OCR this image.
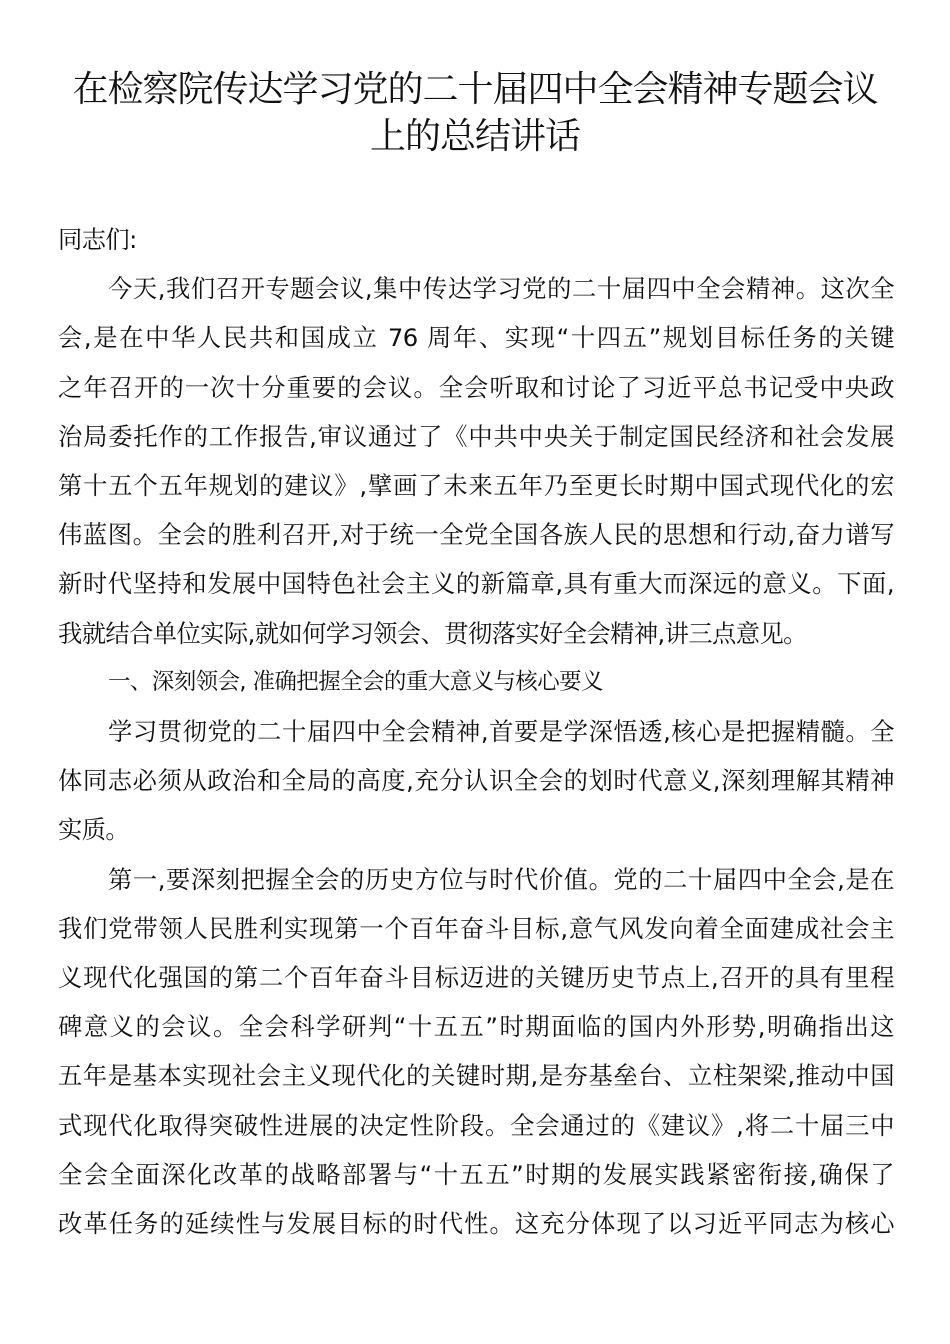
在检察院传达学习党的二十届四中全会精神专题会议
上的总结讲话

同志们:

今天,我们召开专题会议,集中传达学习党的二十届四中全会精神。这次全
会,是在中华人民共和国成立 76 周年、实现“十四五”规划目标任务的关键
之年召开的一次十分重要的会议。全会听取和讨论了习近平总书记受中央政
治局委托作的工作报告,审议通过了《中共中央关于制定国民经济和社会发展
第十五个五年规划的建议》,擘画了未来五年乃至更长时期中国式现代化的宏
伟蓝图。全会的胜利召开,对于统一全党全国各族人民的思想和行动,奋力谱写
新时代坚持和发展中国特色社会主义的新篇章,具有重大而深远的意义。下面,
我就结合单位实际,就如何学习领会、贯彻落实好全会精神,讲三点意见。

一、深刻领会, 准确把握全会的重大意义与核心要义

学习贯彻党的二十届四中全会精神,首要是学深悟透,核心是把握精髓。全
体同志必须从政治和全局的高度,充分认识全会的划时代意义,深刻理解其精神
实质。

第一,要深刻把握全会的历史方位与时代价值。党的二十届四中全会,是在
我们党带领人民胜利实现第一个百年奋斗目标,意气风发向着全面建成社会主
义现代化强国的第二个百年奋斗目标迈进的关键历史节点上,召开的具有里程
碑意义的会议。全会科学研判“十五五”时期面临的国内外形势,明确指出这
五年是基本实现社会主义现代化的关键时期,是夯基垒台、立柱架梁,推动中国
式现代化取得突破性进展的决定性阶段。全会通过的《建议》,将二十届三中
全会全面深化改革的战略部署与“十五五”时期的发展实践紧密衔接,确保了
改革任务的延续性与发展目标的时代性。这充分体现了以习近平同志为核心
